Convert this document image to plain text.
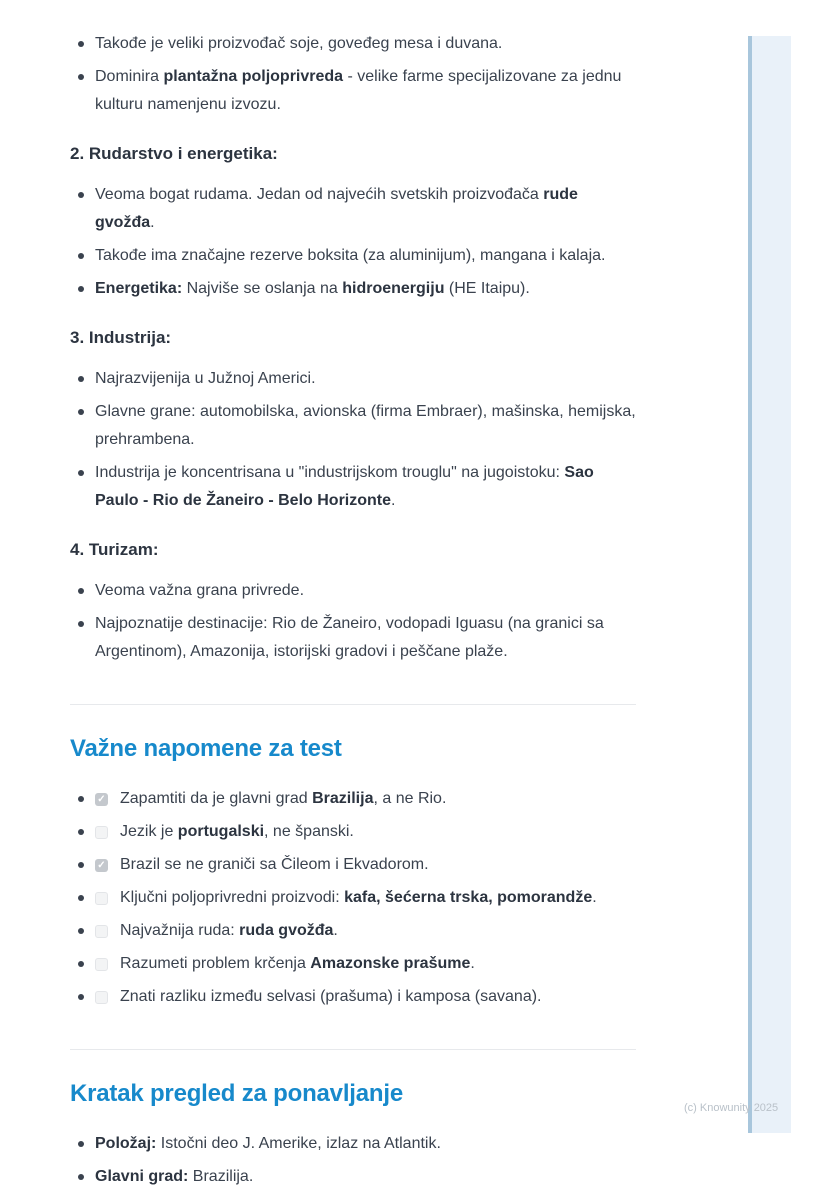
Takođe je veliki proizvođač soje, goveđeg mesa i duvana.
Dominira plantažna poljoprivreda - velike farme specijalizovane za jednu kulturu namenjenu izvozu.
2. Rudarstvo i energetika:
Veoma bogat rudama. Jedan od najvećih svetskih proizvođača rude gvožđa.
Takođe ima značajne rezerve boksita (za aluminijum), mangana i kalaja.
Energetika: Najviše se oslanja na hidroenergiju (HE Itaipu).
3. Industrija:
Najrazvijenija u Južnoj Americi.
Glavne grane: automobilska, avionska (firma Embraer), mašinska, hemijska, prehrambena.
Industrija je koncentrisana u "industrijskom trouglu" na jugoistoku: Sao Paulo - Rio de Žaneiro - Belo Horizonte.
4. Turizam:
Veoma važna grana privrede.
Najpoznatije destinacije: Rio de Žaneiro, vodopadi Iguasu (na granici sa Argentinom), Amazonija, istorijski gradovi i peščane plaže.
Važne napomene za test
✓ Zapamtiti da je glavni grad Brazilija, a ne Rio.
Jezik je portugalski, ne španski.
✓ Brazil se ne graniči sa Čileom i Ekvadorom.
Ključni poljoprivredni proizvodi: kafa, šećerna trska, pomorandže.
Najvažnija ruda: ruda gvožđa.
Razumeti problem krčenja Amazonske prašume.
Znati razliku između selvasi (prašuma) i kamposa (savana).
Kratak pregled za ponavljanje
Položaj: Istočni deo J. Amerike, izlaz na Atlantik.
Glavni grad: Brazilija.
(c) Knowunity 2025
